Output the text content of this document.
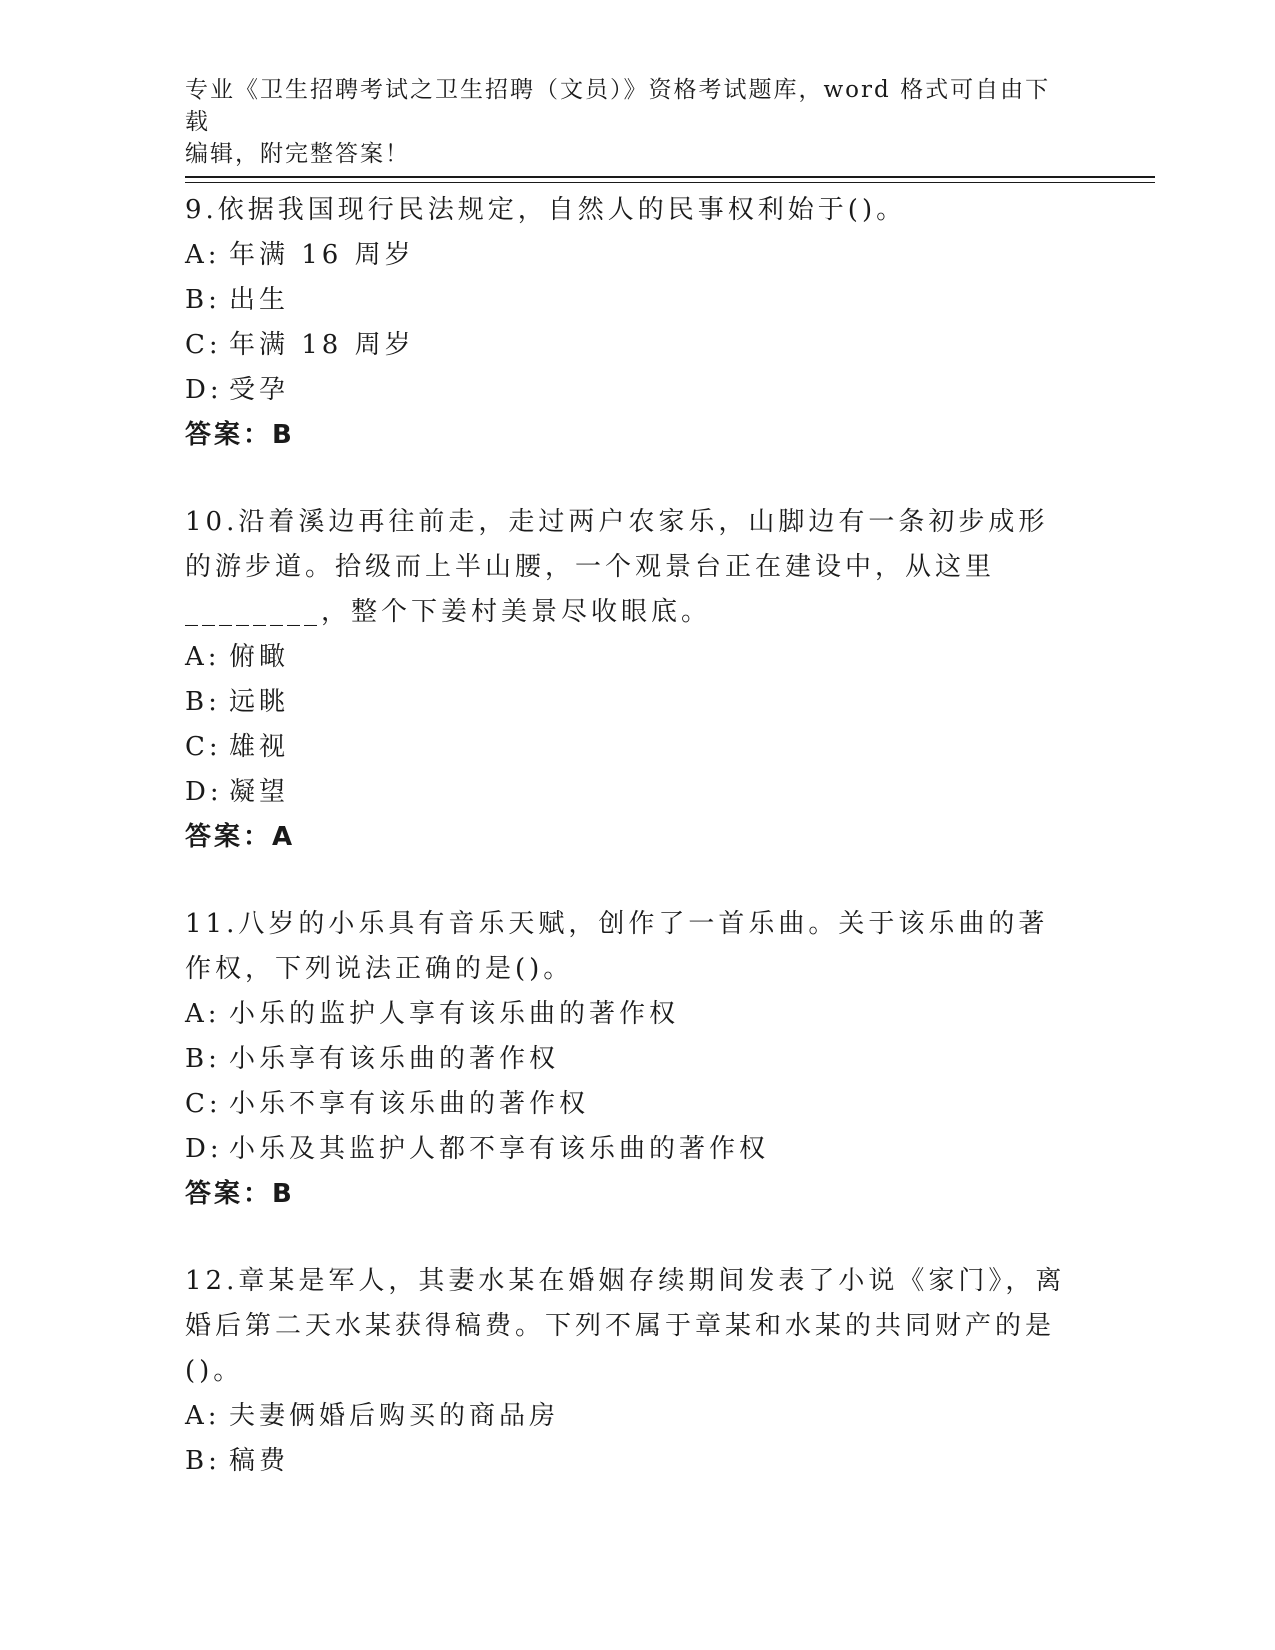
专业《卫生招聘考试之卫生招聘（文员）》资格考试题库，word 格式可自由下载
编辑，附完整答案！
9.依据我国现行民法规定，自然人的民事权利始于()。
A: 年满 16 周岁
B: 出生
C: 年满 18 周岁
D: 受孕
答案：B
10.沿着溪边再往前走，走过两户农家乐，山脚边有一条初步成形的游步道。拾级而上半山腰，一个观景台正在建设中，从这里________，整个下姜村美景尽收眼底。
A: 俯瞰
B: 远眺
C: 雄视
D: 凝望
答案：A
11.八岁的小乐具有音乐天赋，创作了一首乐曲。关于该乐曲的著作权，下列说法正确的是()。
A: 小乐的监护人享有该乐曲的著作权
B: 小乐享有该乐曲的著作权
C: 小乐不享有该乐曲的著作权
D: 小乐及其监护人都不享有该乐曲的著作权
答案：B
12.章某是军人，其妻水某在婚姻存续期间发表了小说《家门》，离婚后第二天水某获得稿费。下列不属于章某和水某的共同财产的是()。
A: 夫妻俩婚后购买的商品房
B: 稿费
